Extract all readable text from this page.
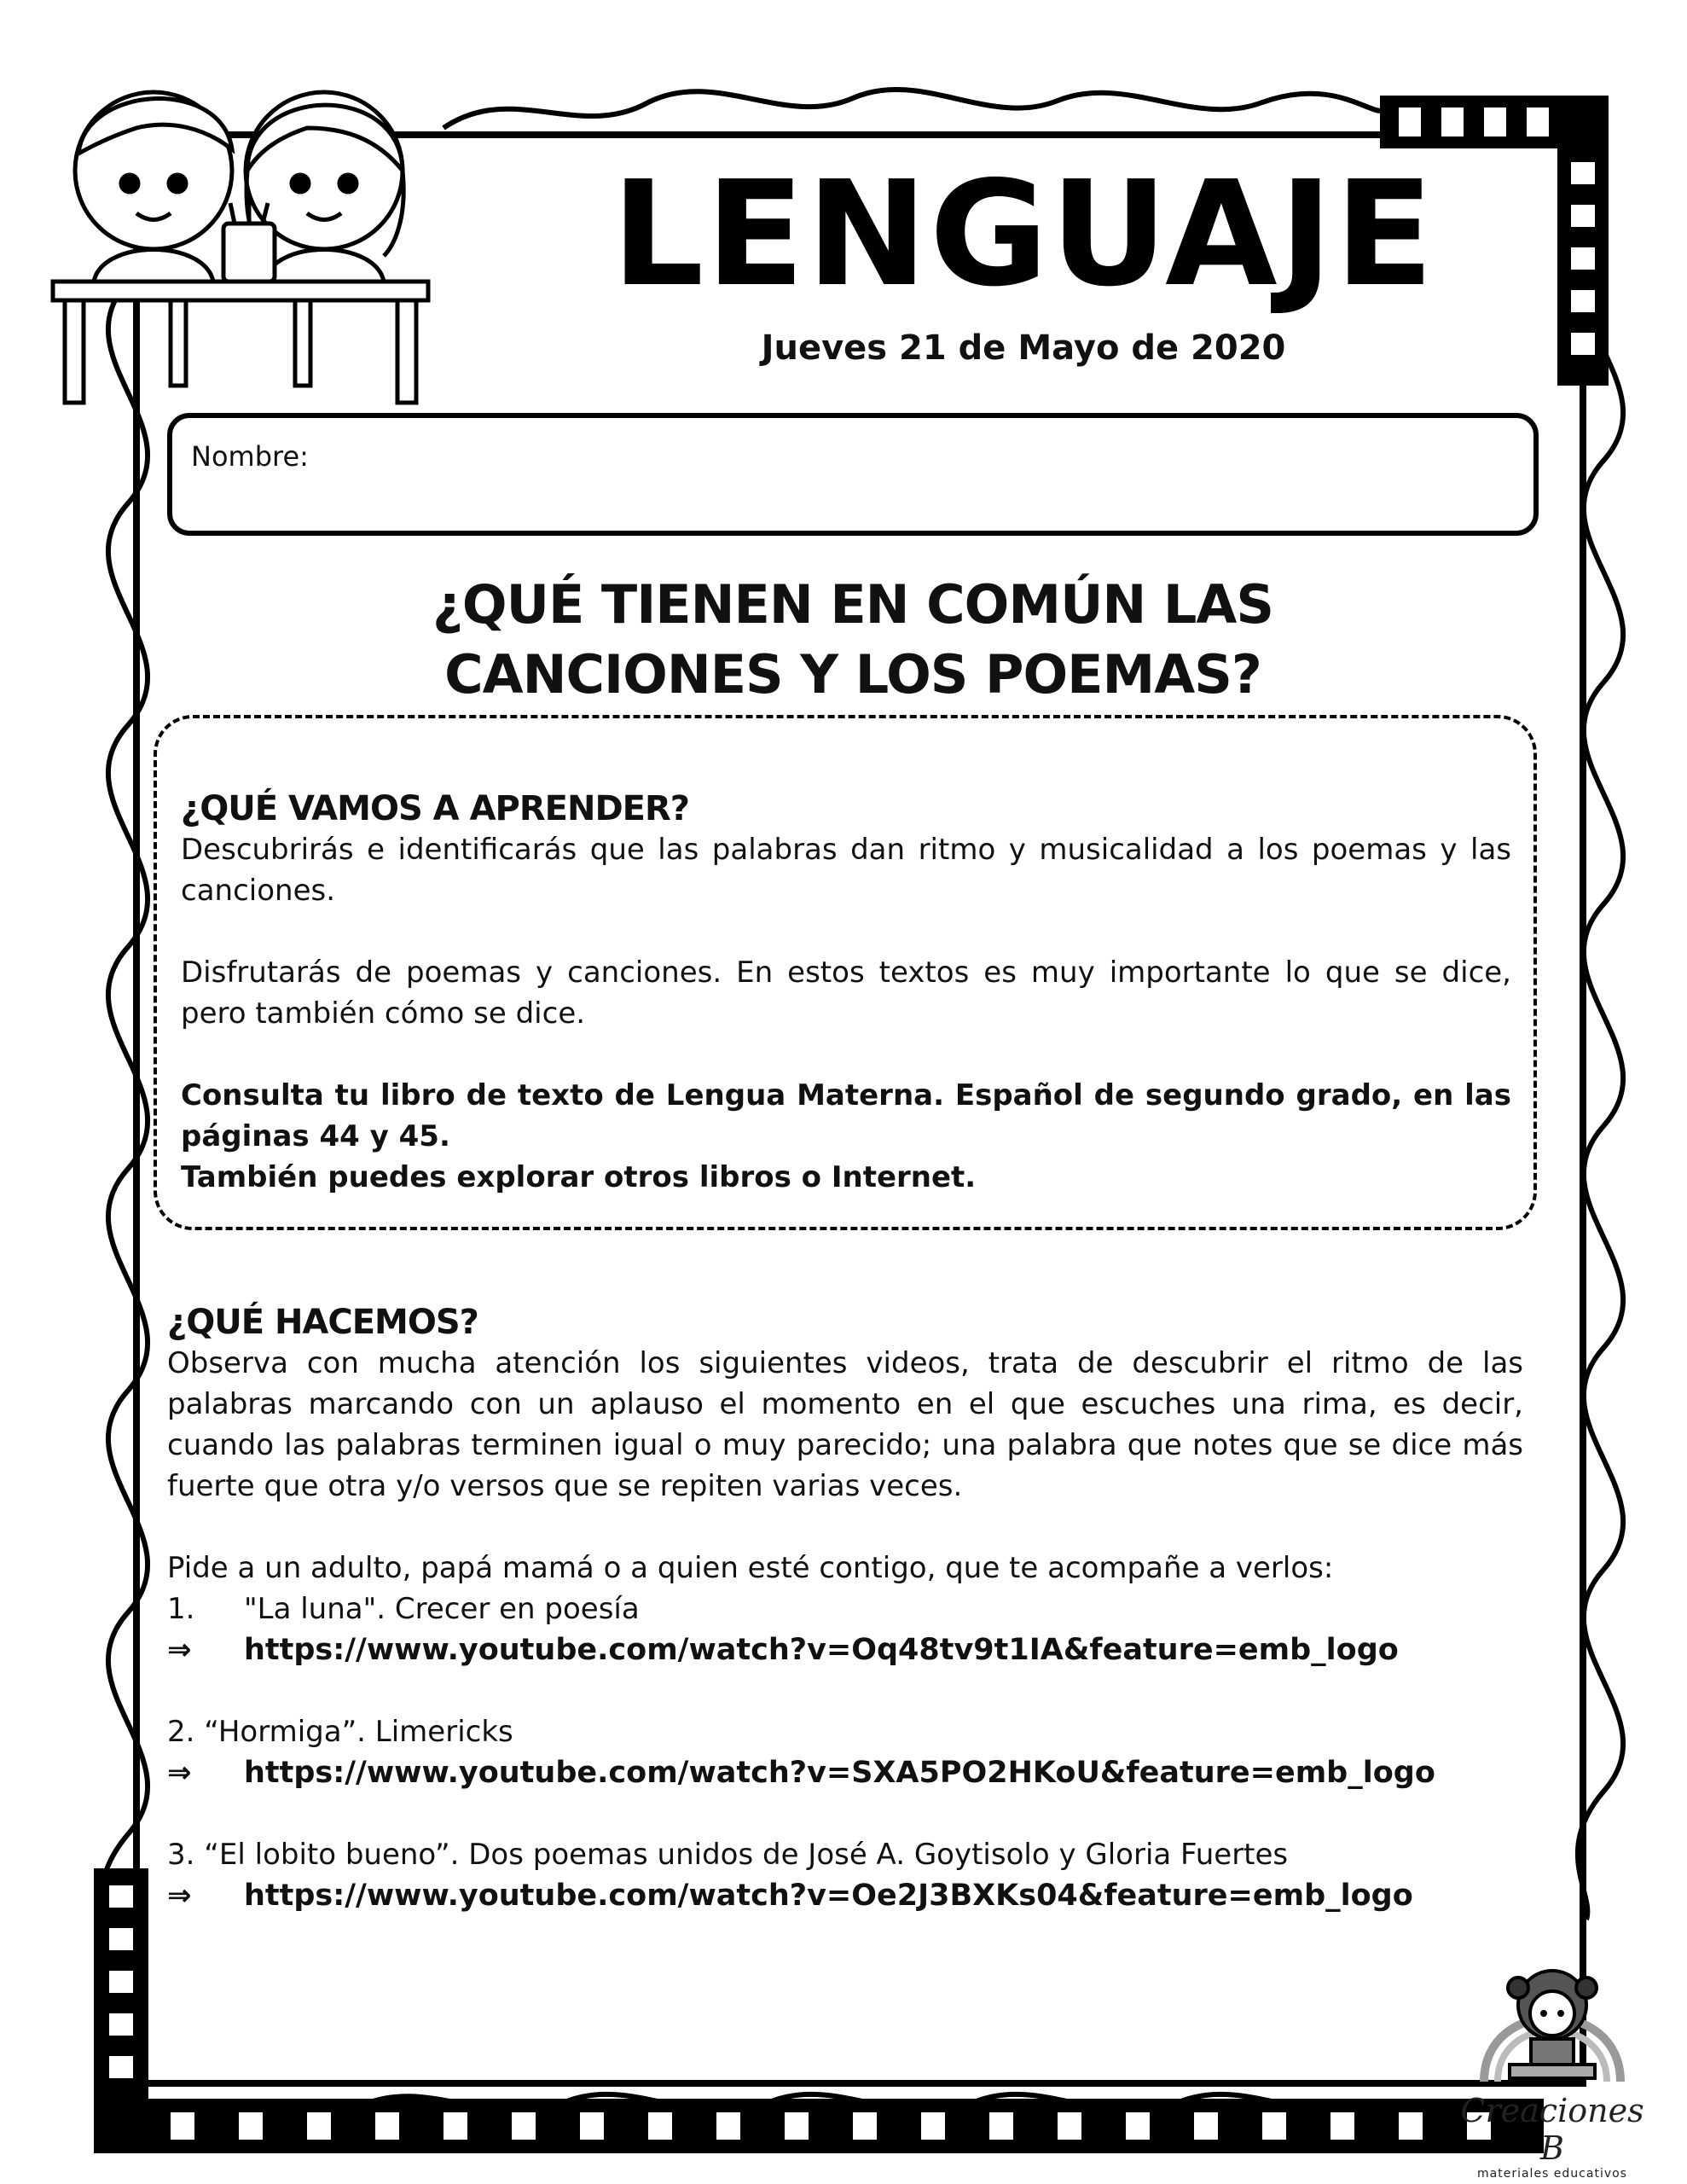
LENGUAJE
Jueves 21 de Mayo de 2020
Nombre:
¿QUÉ TIENEN EN COMÚN LAS
CANCIONES Y LOS POEMAS?
¿QUÉ VAMOS A APRENDER?
Descubrirás e identificarás que las palabras dan ritmo y musicalidad a los poemas y las canciones.
Disfrutarás de poemas y canciones. En estos textos es muy importante lo que se dice, pero también cómo se dice.
Consulta tu libro de texto de Lengua Materna. Español de segundo grado, en las páginas 44 y 45.
También puedes explorar otros libros o Internet.
¿QUÉ HACEMOS?
Observa con mucha atención los siguientes videos, trata de descubrir el ritmo de las palabras marcando con un aplauso el momento en el que escuches una rima, es decir, cuando las palabras terminen igual o muy parecido; una palabra que notes que se dice más fuerte que otra y/o versos que se repiten varias veces.
Pide a un adulto, papá mamá o a quien esté contigo, que te acompañe a verlos:
1. "La luna". Crecer en poesía
⇒ https://www.youtube.com/watch?v=Oq48tv9t1IA&feature=emb_logo
2. “Hormiga”. Limericks
⇒ https://www.youtube.com/watch?v=SXA5PO2HKoU&feature=emb_logo
3. “El lobito bueno”. Dos poemas unidos de José A. Goytisolo y Gloria Fuertes
⇒ https://www.youtube.com/watch?v=Oe2J3BXKs04&feature=emb_logo
Creaciones B
materiales educativos
